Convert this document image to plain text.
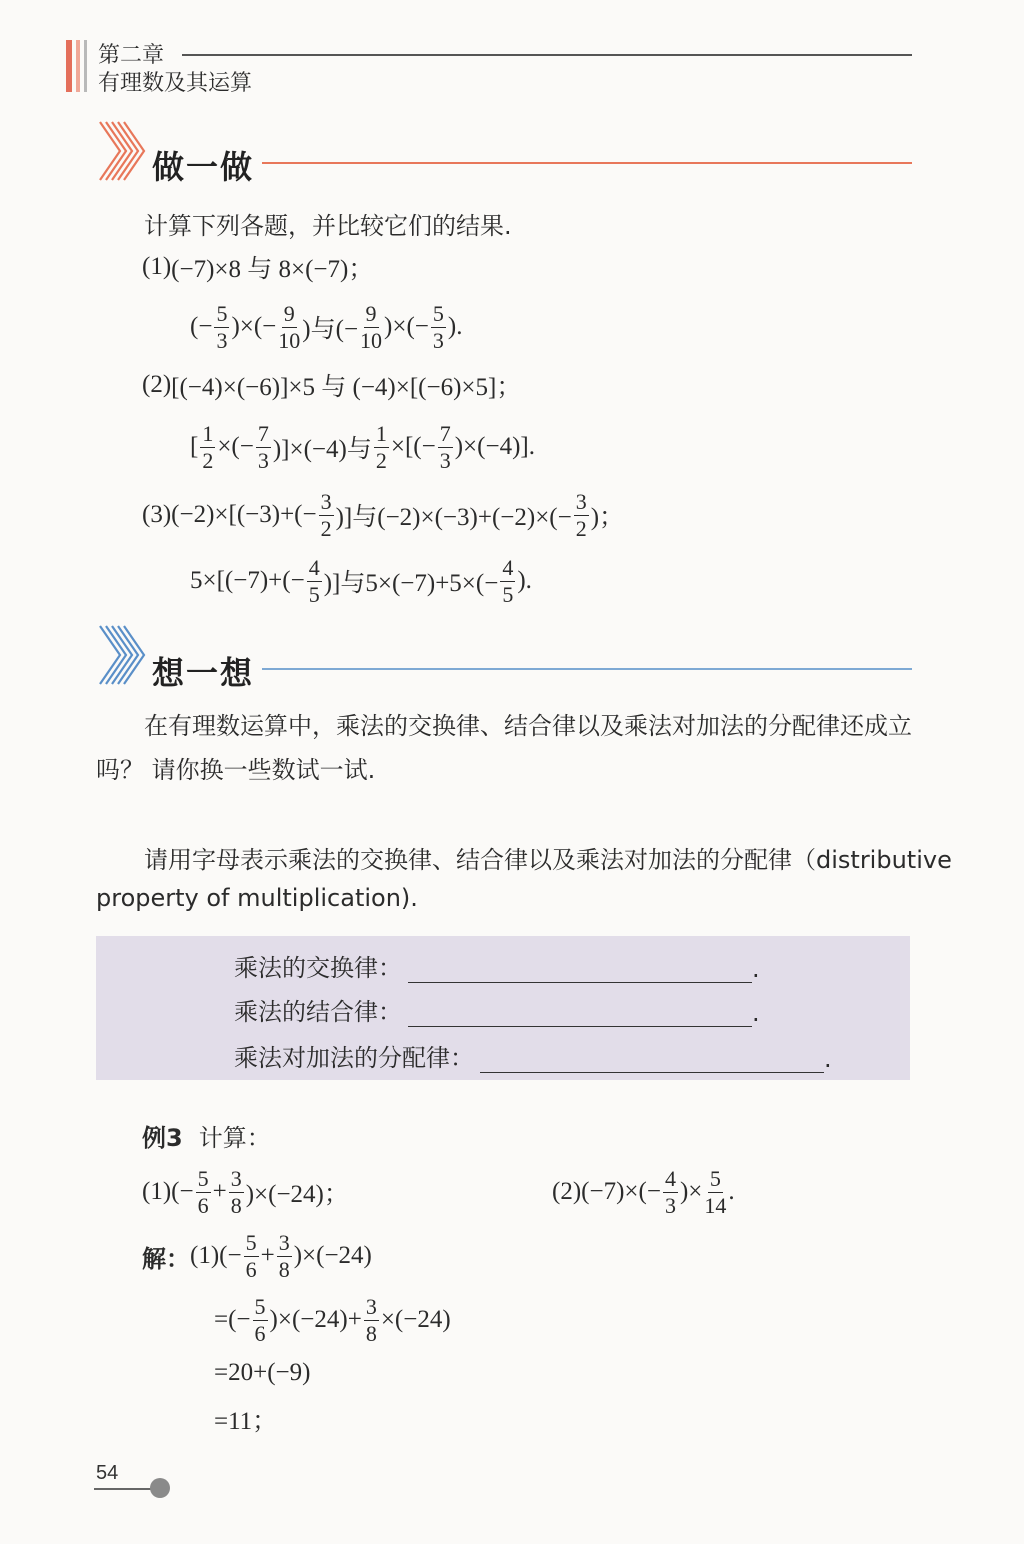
第二章
有理数及其运算
做一做
计算下列各题，并比较它们的结果.
(1) (−7)×8 与 8×(−7)；
(− $\frac{5}{3}$ )×(− $\frac{9}{10}$ )与(− $\frac{9}{10}$ )×(− $\frac{5}{3}$ ).
(2) [(−4)×(−6)]×5 与 (−4)×[(−6)×5]；
[ $\frac{1}{2}$ ×(− $\frac{7}{3} )]\times(-4)$与 $\frac{1}{2}$ ×[(− $\frac{7}{3} )\times(-4)$].
(3) $(-2)\times[(-3)+(- \frac{3}{2}$ )]与$(-2)\times(-3)+(-2)\times(- \frac{3}{2}$ )；
$5\times[(-7)+(- \frac{4}{5}$ )]与$5\times(-7)+5\times(- \frac{4}{5}$ ).
想一想
在有理数运算中，乘法的交换律、结合律以及乘法对加法的分配律还成立
吗？ 请你换一些数试一试.
请用字母表示乘法的交换律、结合律以及乘法对加法的分配律（distributive
property of multiplication).
乘法的交换律：	.
乘法的结合律：	.
乘法对加法的分配律：	.
例3 计算：
(1) (− $\frac{5}{6} + \frac{3}{8} )\times(-24)$；	(2) $(-7)\times(- \frac{4}{3}$ )× $\frac{5}{14}$ .
解： (1) (− $\frac{5}{6} + \frac{3}{8} )\times(-24)$
=(− $\frac{5}{6} )\times(-24)+ \frac{3}{8} \times(-24)$
=20+(−9)
=11；
54
